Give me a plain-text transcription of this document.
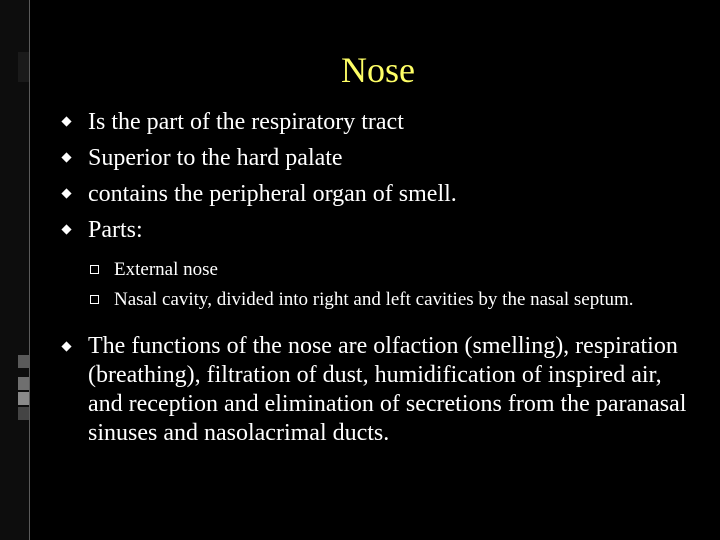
Nose
Is the part of the respiratory tract
Superior to the hard palate
contains the peripheral organ of smell.
Parts:
External nose
Nasal cavity, divided into right and left cavities by the nasal septum.
The functions of the nose are olfaction (smelling), respiration (breathing), filtration of dust, humidification of inspired air, and reception and elimination of secretions from the paranasal sinuses and nasolacrimal ducts.
